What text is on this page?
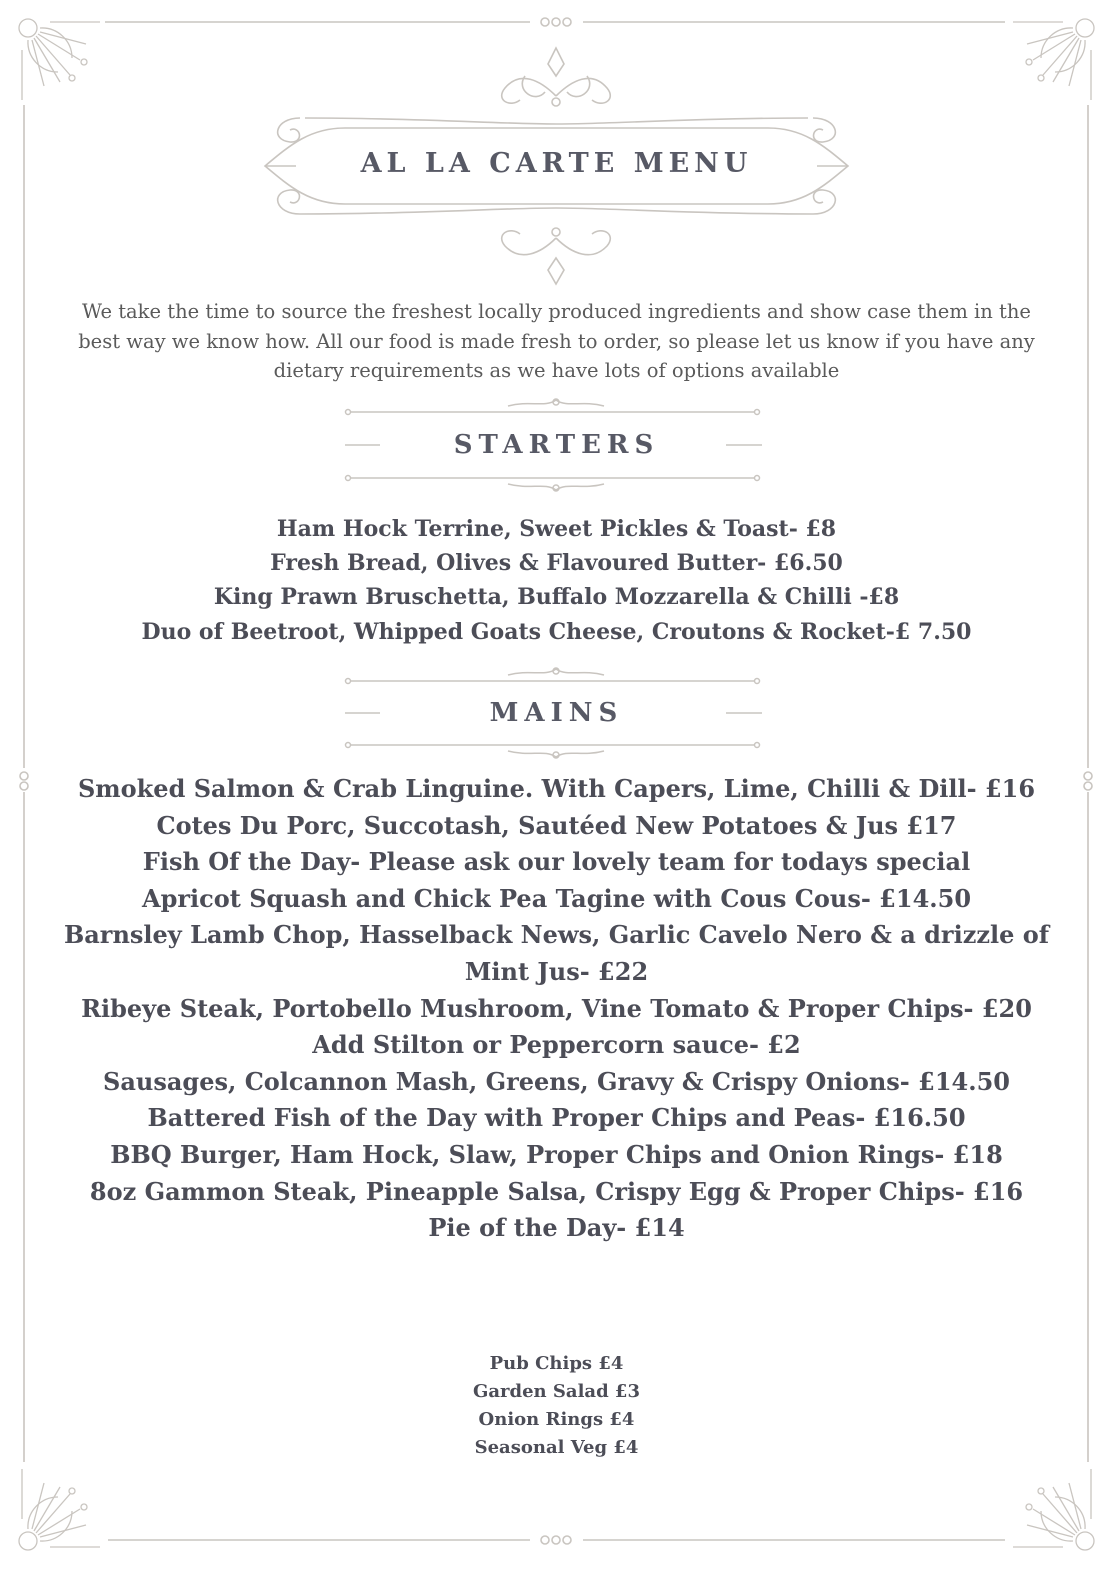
AL LA CARTE MENU
We take the time to source the freshest locally produced ingredients and show case them in the best way we know how. All our food is made fresh to order, so please let us know if you have any dietary requirements as we have lots of options available
STARTERS
Ham Hock Terrine, Sweet Pickles & Toast- £8
Fresh Bread, Olives & Flavoured Butter- £6.50
King Prawn Bruschetta, Buffalo Mozzarella & Chilli -£8
Duo of Beetroot, Whipped Goats Cheese, Croutons & Rocket-£ 7.50
MAINS
Smoked Salmon & Crab Linguine. With Capers, Lime, Chilli & Dill- £16
Cotes Du Porc, Succotash, Sautéed New Potatoes & Jus £17
Fish Of the Day- Please ask our lovely team for todays special
Apricot Squash and Chick Pea Tagine with Cous Cous- £14.50
Barnsley Lamb Chop, Hasselback News, Garlic Cavelo Nero & a drizzle of Mint Jus- £22
Ribeye Steak, Portobello Mushroom, Vine Tomato & Proper Chips- £20
Add Stilton or Peppercorn sauce- £2
Sausages, Colcannon Mash, Greens, Gravy & Crispy Onions- £14.50
Battered Fish of the Day with Proper Chips and Peas- £16.50
BBQ Burger, Ham Hock, Slaw, Proper Chips and Onion Rings- £18
8oz Gammon Steak, Pineapple Salsa, Crispy Egg & Proper Chips- £16
Pie of the Day- £14
Pub Chips £4
Garden Salad £3
Onion Rings £4
Seasonal Veg £4
